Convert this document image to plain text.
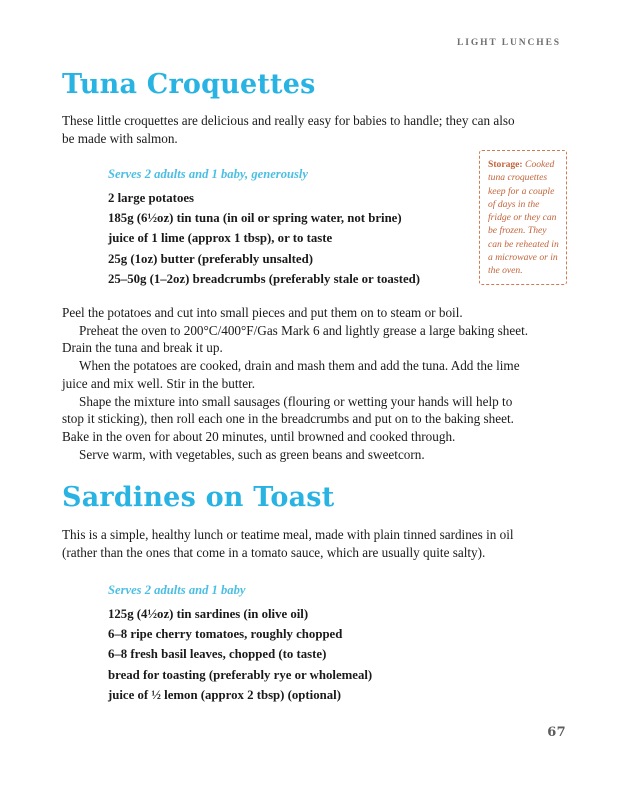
LIGHT LUNCHES
Tuna Croquettes

These little croquettes are delicious and really easy for babies to handle; they can also be made with salmon.

Serves 2 adults and 1 baby, generously

2 large potatoes
185g (6½oz) tin tuna (in oil or spring water, not brine)
juice of 1 lime (approx 1 tbsp), or to taste
25g (1oz) butter (preferably unsalted)
25–50g (1–2oz) breadcrumbs (preferably stale or toasted)
Storage: Cooked tuna croquettes keep for a couple of days in the fridge or they can be frozen. They can be reheated in a microwave or in the oven.

Peel the potatoes and cut into small pieces and put them on to steam or boil.

Preheat the oven to 200°C/400°F/Gas Mark 6 and lightly grease a large baking sheet. Drain the tuna and break it up.

When the potatoes are cooked, drain and mash them and add the tuna. Add the lime juice and mix well. Stir in the butter.

Shape the mixture into small sausages (flouring or wetting your hands will help to stop it sticking), then roll each one in the breadcrumbs and put on to the baking sheet. Bake in the oven for about 20 minutes, until browned and cooked through.

Serve warm, with vegetables, such as green beans and sweetcorn.

Sardines on Toast

This is a simple, healthy lunch or teatime meal, made with plain tinned sardines in oil (rather than the ones that come in a tomato sauce, which are usually quite salty).

Serves 2 adults and 1 baby

125g (4½oz) tin sardines (in olive oil)
6–8 ripe cherry tomatoes, roughly chopped
6–8 fresh basil leaves, chopped (to taste)
bread for toasting (preferably rye or wholemeal)
juice of ½ lemon (approx 2 tbsp) (optional)
67
